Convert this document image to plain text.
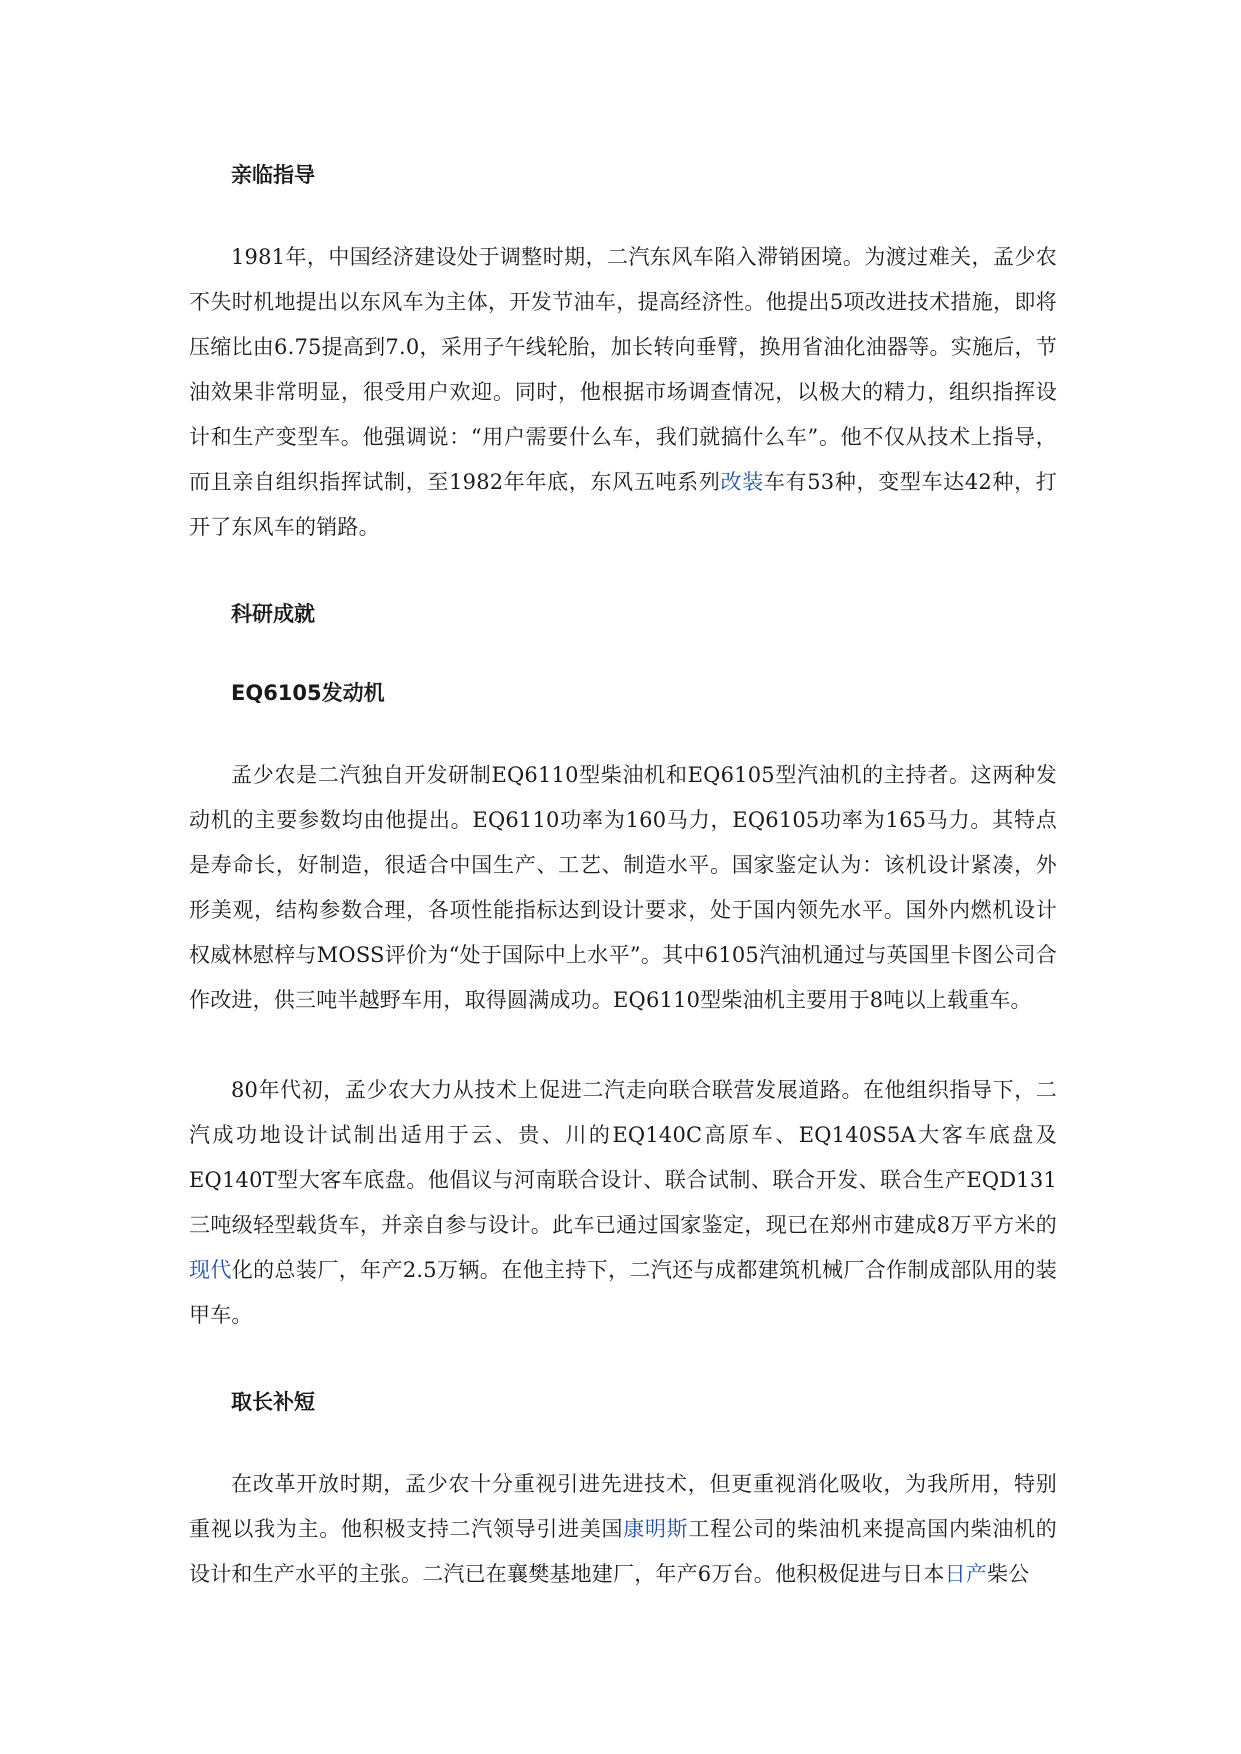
亲临指导

1981年，中国经济建设处于调整时期，二汽东风车陷入滞销困境。为渡过难关，孟少农不失时机地提出以东风车为主体，开发节油车，提高经济性。他提出5项改进技术措施，即将压缩比由6.75提高到7.0，采用子午线轮胎，加长转向垂臂，换用省油化油器等。实施后，节油效果非常明显，很受用户欢迎。同时，他根据市场调查情况，以极大的精力，组织指挥设计和生产变型车。他强调说：“用户需要什么车，我们就搞什么车”。他不仅从技术上指导，而且亲自组织指挥试制，至1982年年底，东风五吨系列改装车有53种，变型车达42种，打开了东风车的销路。

科研成就
EQ6105发动机

孟少农是二汽独自开发研制EQ6110型柴油机和EQ6105型汽油机的主持者。这两种发动机的主要参数均由他提出。EQ6110功率为160马力，EQ6105功率为165马力。其特点是寿命长，好制造，很适合中国生产、工艺、制造水平。国家鉴定认为：该机设计紧凑，外形美观，结构参数合理，各项性能指标达到设计要求，处于国内领先水平。国外内燃机设计权威林慰梓与MOSS评价为“处于国际中上水平”。其中6105汽油机通过与英国里卡图公司合作改进，供三吨半越野车用，取得圆满成功。EQ6110型柴油机主要用于8吨以上载重车。

80年代初，孟少农大力从技术上促进二汽走向联合联营发展道路。在他组织指导下，二汽成功地设计试制出适用于云、贵、川的EQ140C高原车、EQ140S5A大客车底盘及EQ140T型大客车底盘。他倡议与河南联合设计、联合试制、联合开发、联合生产EQD131三吨级轻型载货车，并亲自参与设计。此车已通过国家鉴定，现已在郑州市建成8万平方米的现代化的总装厂，年产2.5万辆。在他主持下，二汽还与成都建筑机械厂合作制成部队用的装甲车。

取长补短

在改革开放时期，孟少农十分重视引进先进技术，但更重视消化吸收，为我所用，特别重视以我为主。他积极支持二汽领导引进美国康明斯工程公司的柴油机来提高国内柴油机的设计和生产水平的主张。二汽已在襄樊基地建厂，年产6万台。他积极促进与日本日产柴公
